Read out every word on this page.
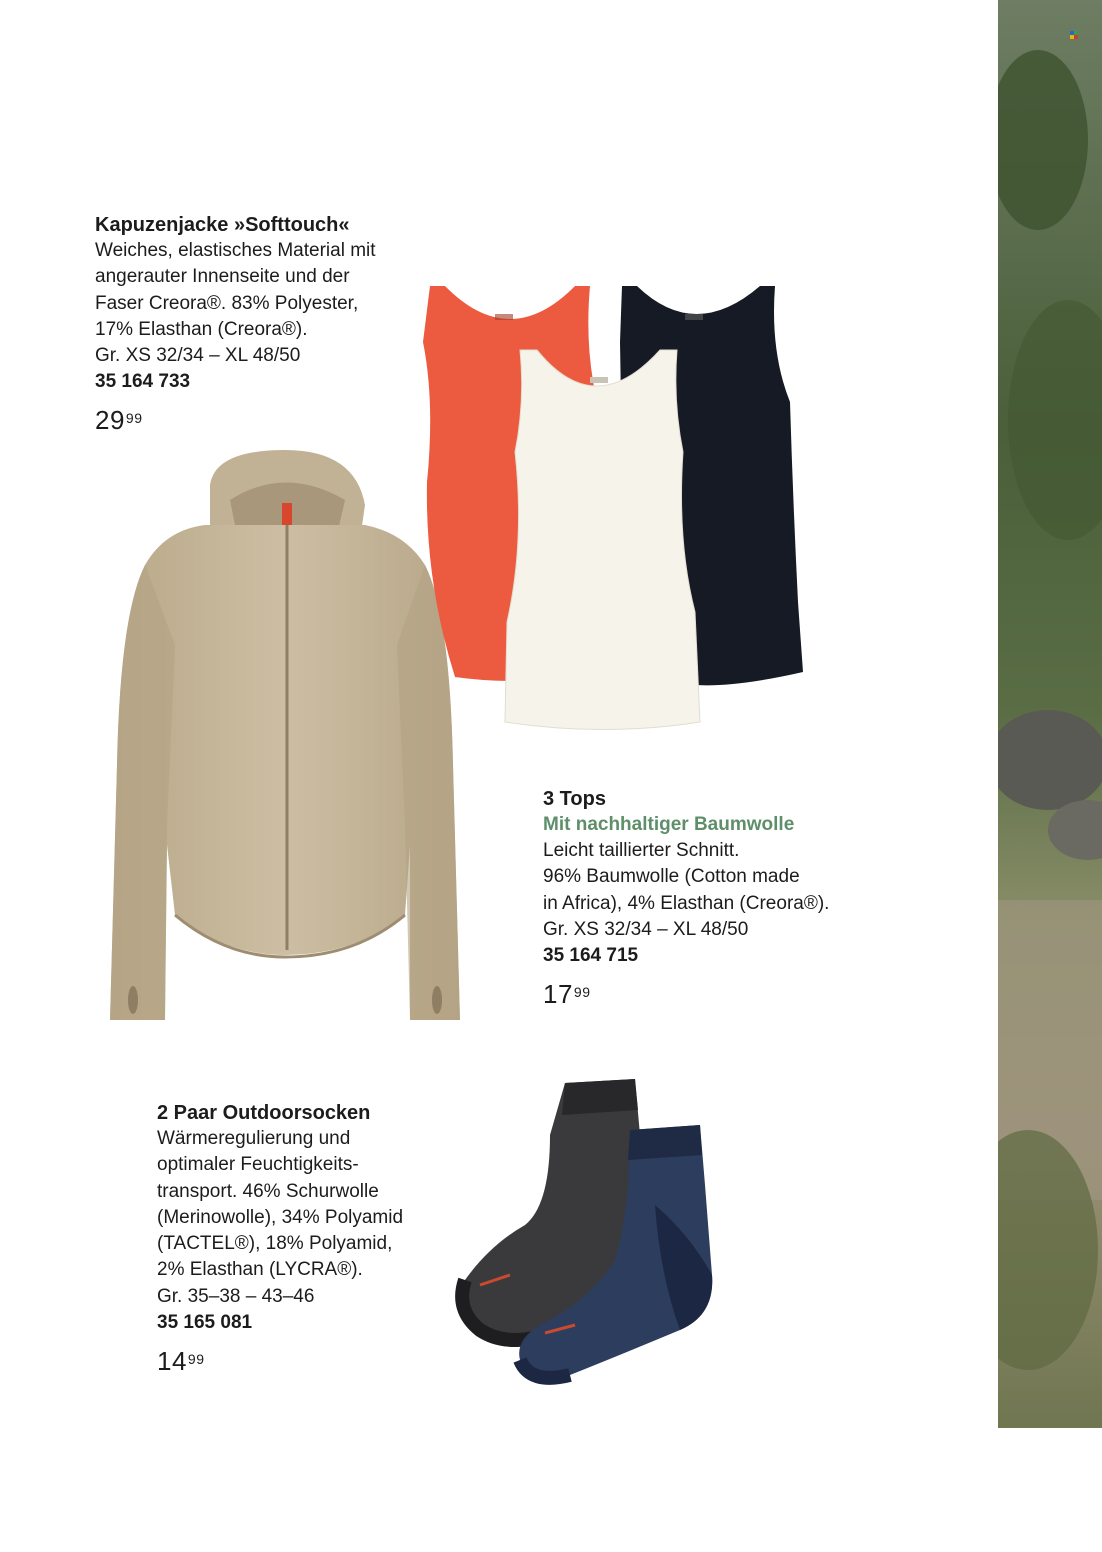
Kapuzenjacke »Softtouch«

Weiches, elastisches Material mit
angerauter Innenseite und der
Faser Creora®. 83% Polyester,
17% Elasthan (Creora®).
Gr. XS 32/34 – XL 48/50

35 164 733

$29^{99}$

3 Tops

Mit nachhaltiger Baumwolle

Leicht taillierter Schnitt.
96% Baumwolle (Cotton made
in Africa), 4% Elasthan (Creora®).
Gr. XS 32/34 – XL 48/50

35 164 715

$17^{99}$

2 Paar Outdoorsocken

Wärmeregulierung und
optimaler Feuchtigkeits-
transport. 46% Schurwolle
(Merinowolle), 34% Polyamid
(TACTEL®), 18% Polyamid,
2% Elasthan (LYCRA®).
Gr. 35–38 – 43–46

35 165 081

$14^{99}$
